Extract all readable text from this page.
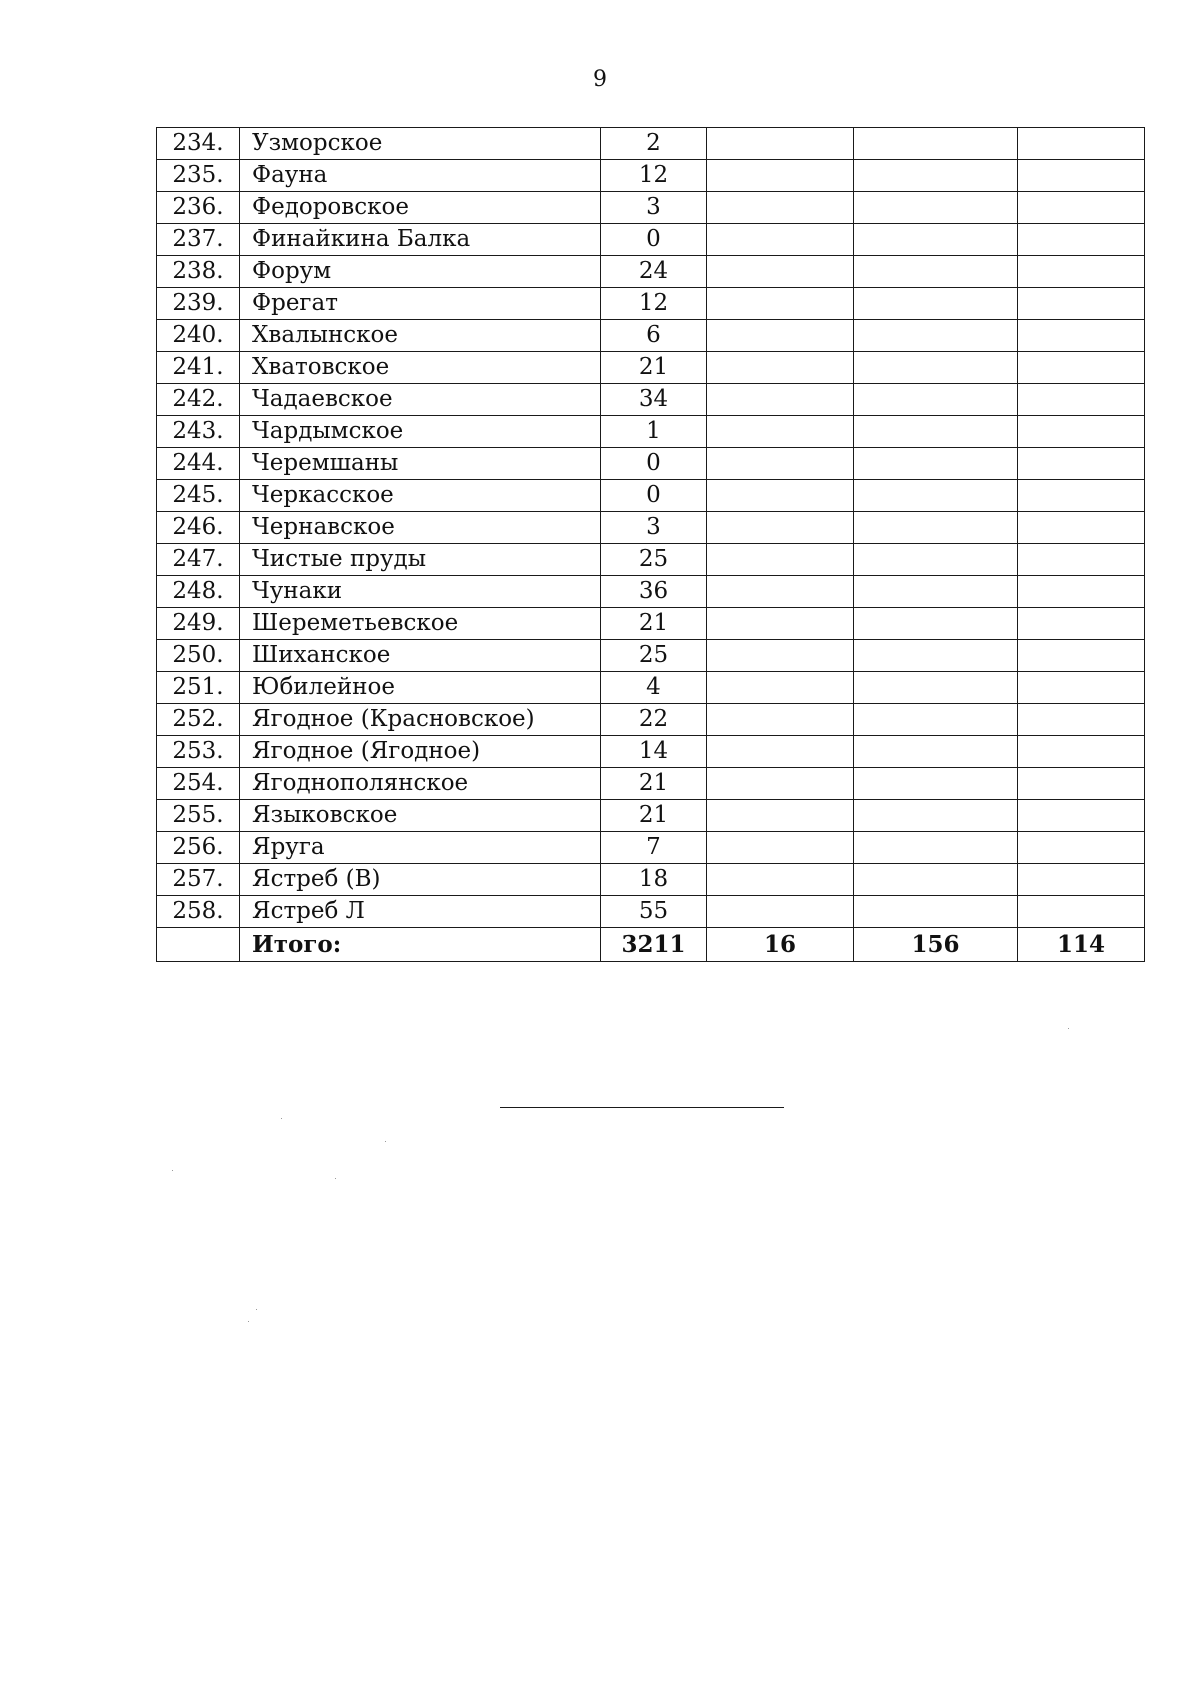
9
234.	Узморское	2			
235.	Фауна	12			
236.	Федоровское	3			
237.	Финайкина Балка	0			
238.	Форум	24			
239.	Фрегат	12			
240.	Хвалынское	6			
241.	Хватовское	21			
242.	Чадаевское	34			
243.	Чардымское	1			
244.	Черемшаны	0			
245.	Черкасское	0			
246.	Чернавское	3			
247.	Чистые пруды	25			
248.	Чунаки	36			
249.	Шереметьевское	21			
250.	Шиханское	25			
251.	Юбилейное	4			
252.	Ягодное (Красновское)	22			
253.	Ягодное (Ягодное)	14			
254.	Ягоднополянское	21			
255.	Языковское	21			
256.	Яруга	7			
257.	Ястреб (В)	18			
258.	Ястреб Л	55			
	Итого:	3211	16	156	114
